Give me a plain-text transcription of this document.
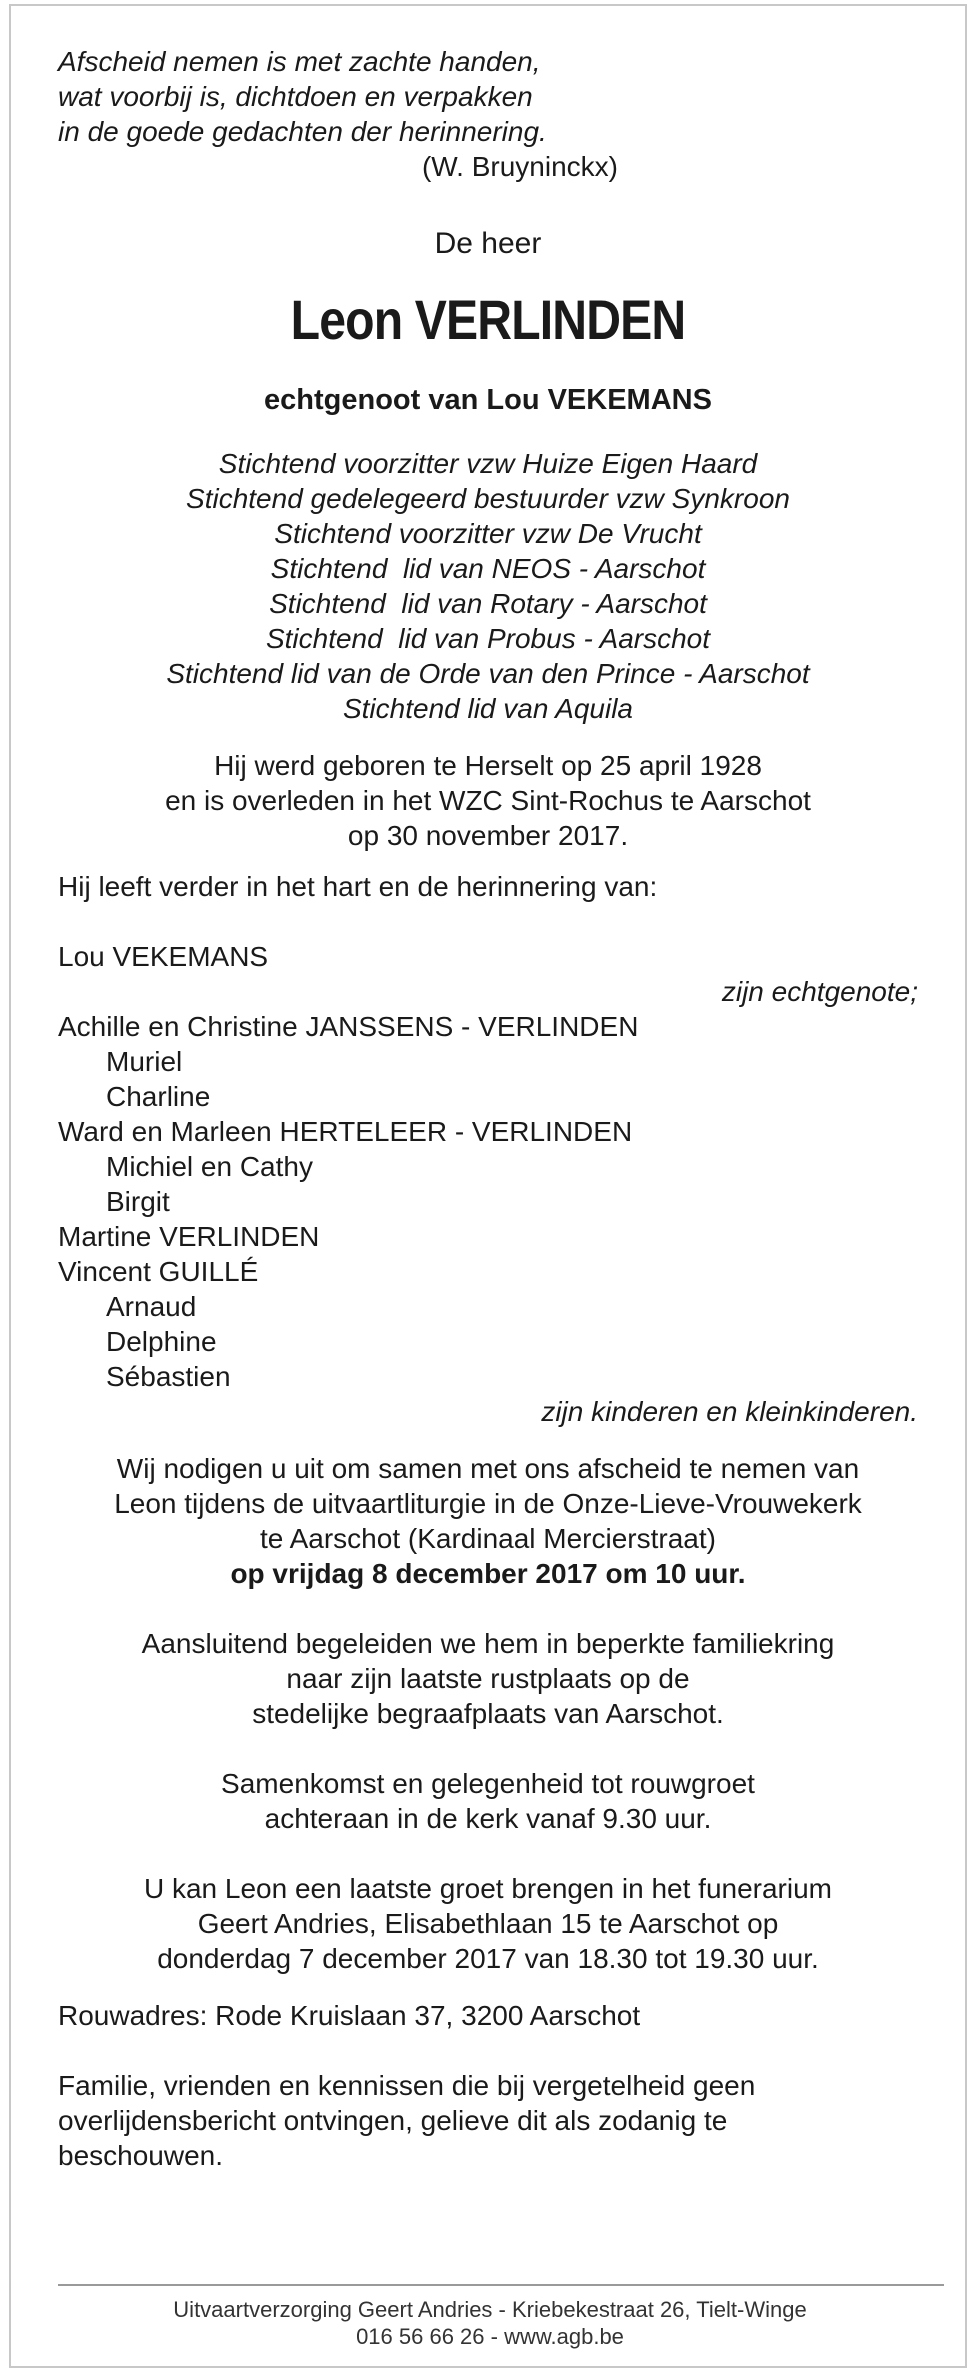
Afscheid nemen is met zachte handen,
wat voorbij is, dichtdoen en verpakken
in de goede gedachten der herinnering.
(W. Bruyninckx)
De heer
Leon VERLINDEN
echtgenoot van Lou VEKEMANS
Stichtend voorzitter vzw Huize Eigen Haard
Stichtend gedelegeerd bestuurder vzw Synkroon
Stichtend voorzitter vzw De Vrucht
Stichtend  lid van NEOS - Aarschot
Stichtend  lid van Rotary - Aarschot
Stichtend  lid van Probus - Aarschot
Stichtend lid van de Orde van den Prince - Aarschot
Stichtend lid van Aquila
Hij werd geboren te Herselt op 25 april 1928
en is overleden in het WZC Sint-Rochus te Aarschot
op 30 november 2017.
Hij leeft verder in het hart en de herinnering van:
Lou VEKEMANS
zijn echtgenote;
Achille en Christine JANSSENS - VERLINDEN
Muriel
Charline
Ward en Marleen HERTELEER - VERLINDEN
Michiel en Cathy
Birgit
Martine VERLINDEN
Vincent GUILLÉ
Arnaud
Delphine
Sébastien
zijn kinderen en kleinkinderen.
Wij nodigen u uit om samen met ons afscheid te nemen van
Leon tijdens de uitvaartliturgie in de Onze-Lieve-Vrouwekerk
te Aarschot (Kardinaal Mercierstraat)
op vrijdag 8 december 2017 om 10 uur.
Aansluitend begeleiden we hem in beperkte familiekring
naar zijn laatste rustplaats op de
stedelijke begraafplaats van Aarschot.
Samenkomst en gelegenheid tot rouwgroet
achteraan in de kerk vanaf 9.30 uur.
U kan Leon een laatste groet brengen in het funerarium
Geert Andries, Elisabethlaan 15 te Aarschot op
donderdag 7 december 2017 van 18.30 tot 19.30 uur.
Rouwadres: Rode Kruislaan 37, 3200 Aarschot
Familie, vrienden en kennissen die bij vergetelheid geen
overlijdensbericht ontvingen, gelieve dit als zodanig te
beschouwen.
Uitvaartverzorging Geert Andries - Kriebekestraat 26, Tielt-Winge
016 56 66 26 - www.agb.be
